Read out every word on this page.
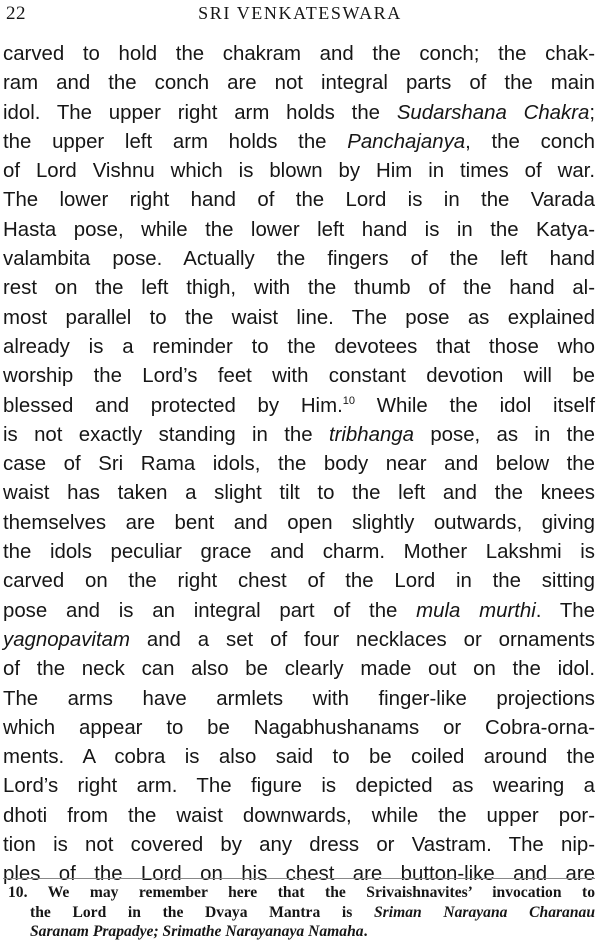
22	SRI VENKATESWARA
carved to hold the chakram and the conch; the chak-
ram and the conch are not integral parts of the main
idol. The upper right arm holds the Sudarshana Chakra;
the upper left arm holds the Panchajanya, the conch
of Lord Vishnu which is blown by Him in times of war.
The lower right hand of the Lord is in the Varada
Hasta pose, while the lower left hand is in the Katya-
valambita pose. Actually the fingers of the left hand
rest on the left thigh, with the thumb of the hand al-
most parallel to the waist line. The pose as explained
already is a reminder to the devotees that those who
worship the Lord’s feet with constant devotion will be
blessed and protected by Him.$^{10}$ While the idol itself
is not exactly standing in the tribhanga pose, as in the
case of Sri Rama idols, the body near and below the
waist has taken a slight tilt to the left and the knees
themselves are bent and open slightly outwards, giving
the idols peculiar grace and charm. Mother Lakshmi is
carved on the right chest of the Lord in the sitting
pose and is an integral part of the mula murthi. The
yagnopavitam and a set of four necklaces or ornaments
of the neck can also be clearly made out on the idol.
The arms have armlets with finger-like projections
which appear to be Nagabhushanams or Cobra-orna-
ments. A cobra is also said to be coiled around the
Lord’s right arm. The figure is depicted as wearing a
dhoti from the waist downwards, while the upper por-
tion is not covered by any dress or Vastram. The nip-
ples of the Lord on his chest are button-like and are
10. We may remember here that the Srivaishnavites’ invocation to
the Lord in the Dvaya Mantra is Sriman Narayana Charanau
Saranam Prapadye; Srimathe Narayanaya Namaha.
